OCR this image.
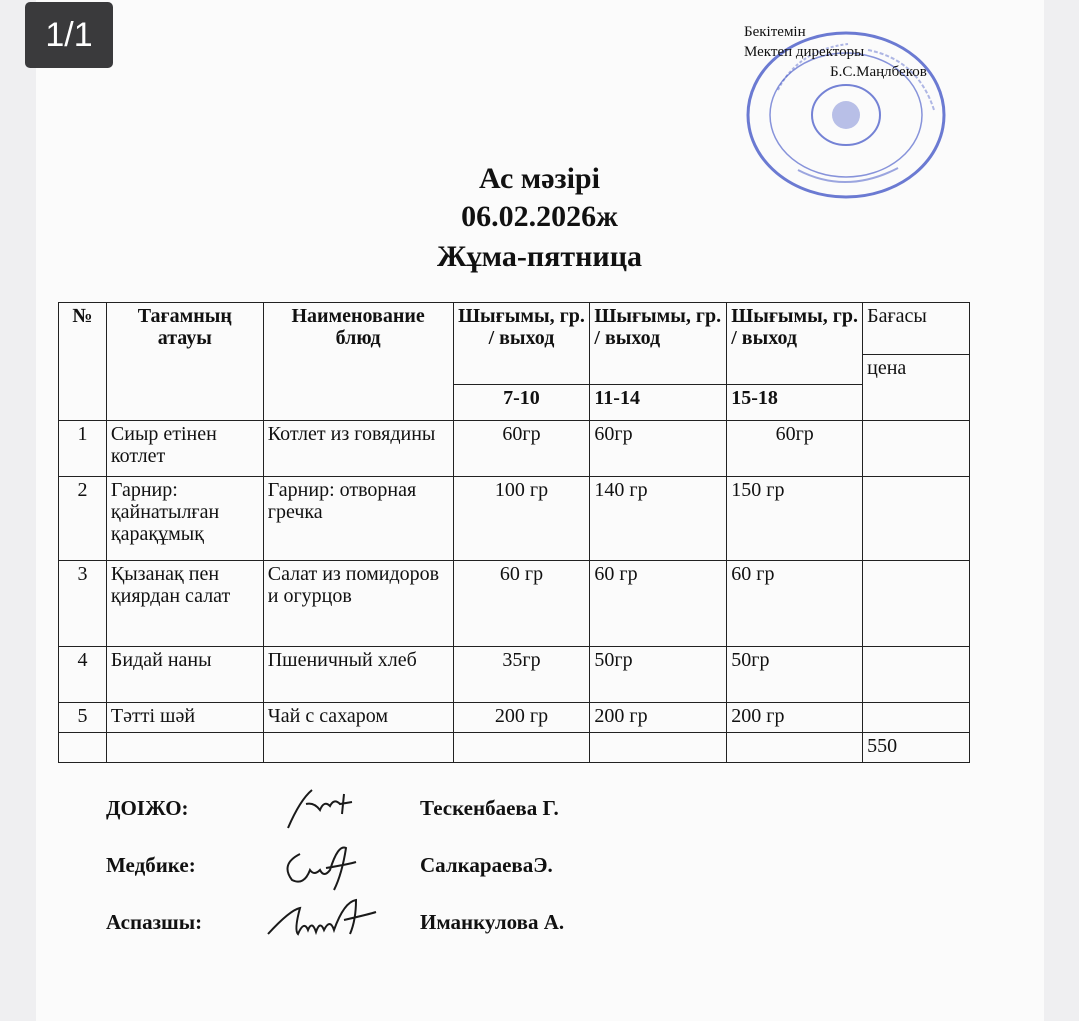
1/1	Бекітемін
Мектеп директоры
Б.С.Маңлбеков
Ас мәзірі
06.02.2026ж
Жұма-пятница
№	Тағамның атауы	Наименование блюд	Шығымы, гр. / выход	Шығымы, гр. / выход	Шығымы, гр. / выход	Бағасы
						цена
			7-10	11-14	15-18	
1	Сиыр етінен котлет	Котлет из говядины	60гр	60гр	60гр	
2	Гарнир: қайнатылған қарақұмық	Гарнир: отворная гречка	100 гр	140 гр	150 гр	
3	Қызанақ пен қиярдан салат	Салат из помидоров и огурцов	60 гр	60 гр	60 гр	
4	Бидай наны	Пшеничный хлеб	35гр	50гр	50гр	
5	Тәтті шәй	Чай с сахаром	200 гр	200 гр	200 гр	
						550
ДОІЖО:	Тескенбаева Г.
Медбике:	СалкараеваЭ.
Аспазшы:	Иманкулова А.
